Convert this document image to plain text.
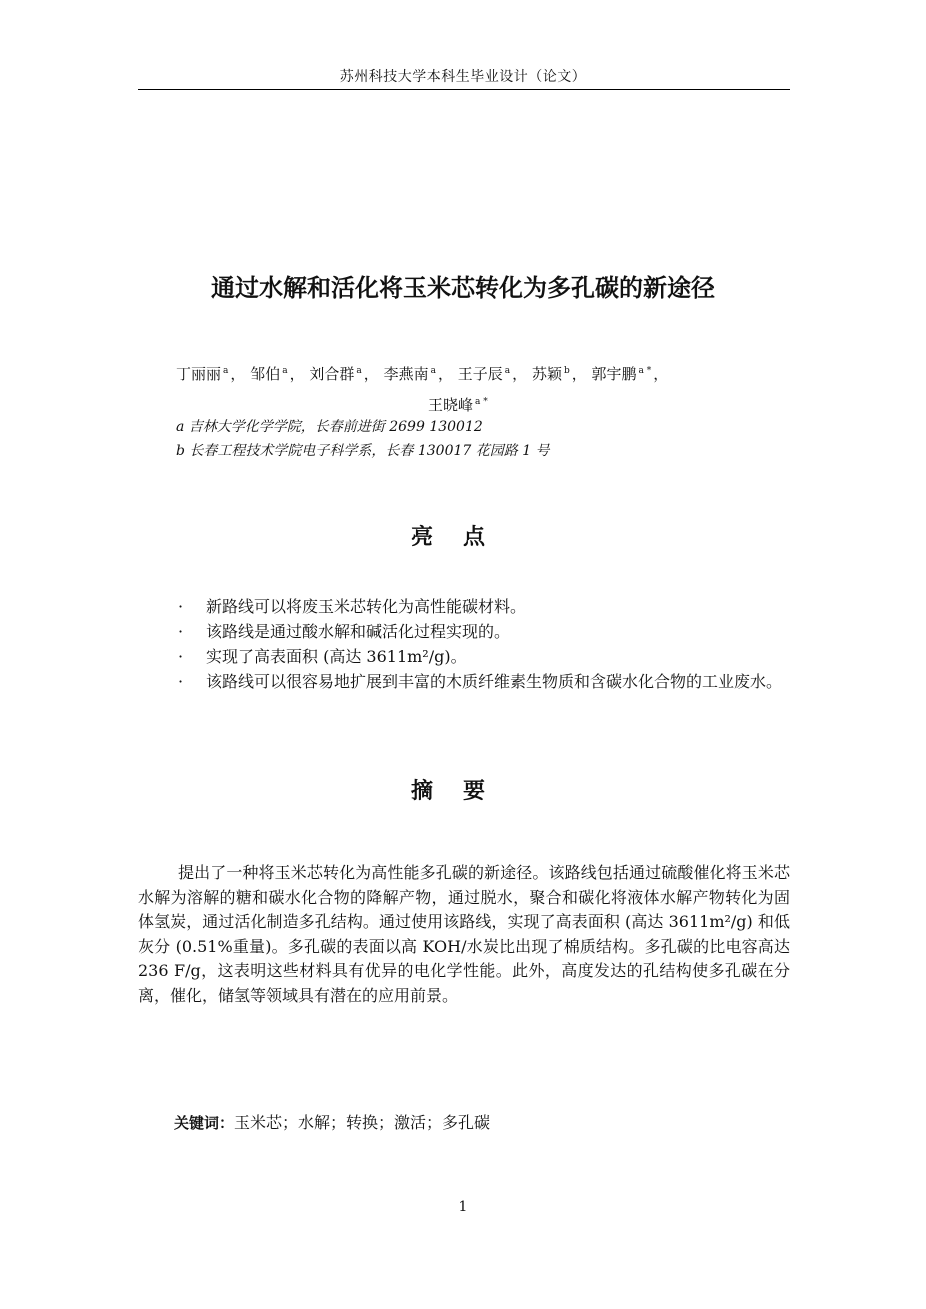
苏州科技大学本科生毕业设计（论文）
通过水解和活化将玉米芯转化为多孔碳的新途径
丁丽丽 $^a$ ， 邹伯 $^a$ ， 刘合群 $^a$ ， 李燕南 $^a$ ， 王子辰 $^a$ ， 苏颖 $^b$ ， 郭宇鹏 $^{a *}$ ，
王晓峰 $^{a *}$
a 吉林大学化学学院，长春前进街 2699 130012
b 长春工程技术学院电子科学系，长春 130017 花园路 1 号
亮点
· 新路线可以将废玉米芯转化为高性能碳材料。
· 该路线是通过酸水解和碱活化过程实现的。
· 实现了高表面积 (高达 3611m²/g)。
· 该路线可以很容易地扩展到丰富的木质纤维素生物质和含碳水化合物的工业废水。
摘要
提出了一种将玉米芯转化为高性能多孔碳的新途径。该路线包括通过硫酸催化将玉米芯水解为溶解的糖和碳水化合物的降解产物，通过脱水，聚合和碳化将液体水解产物转化为固体氢炭，通过活化制造多孔结构。通过使用该路线，实现了高表面积 (高达 3611m²/g) 和低灰分 (0.51%重量)。多孔碳的表面以高 KOH/水炭比出现了棉质结构。多孔碳的比电容高达 236 F/g，这表明这些材料具有优异的电化学性能。此外，高度发达的孔结构使多孔碳在分离，催化，储氢等领域具有潜在的应用前景。
关键词：玉米芯；水解；转换；激活；多孔碳
1
